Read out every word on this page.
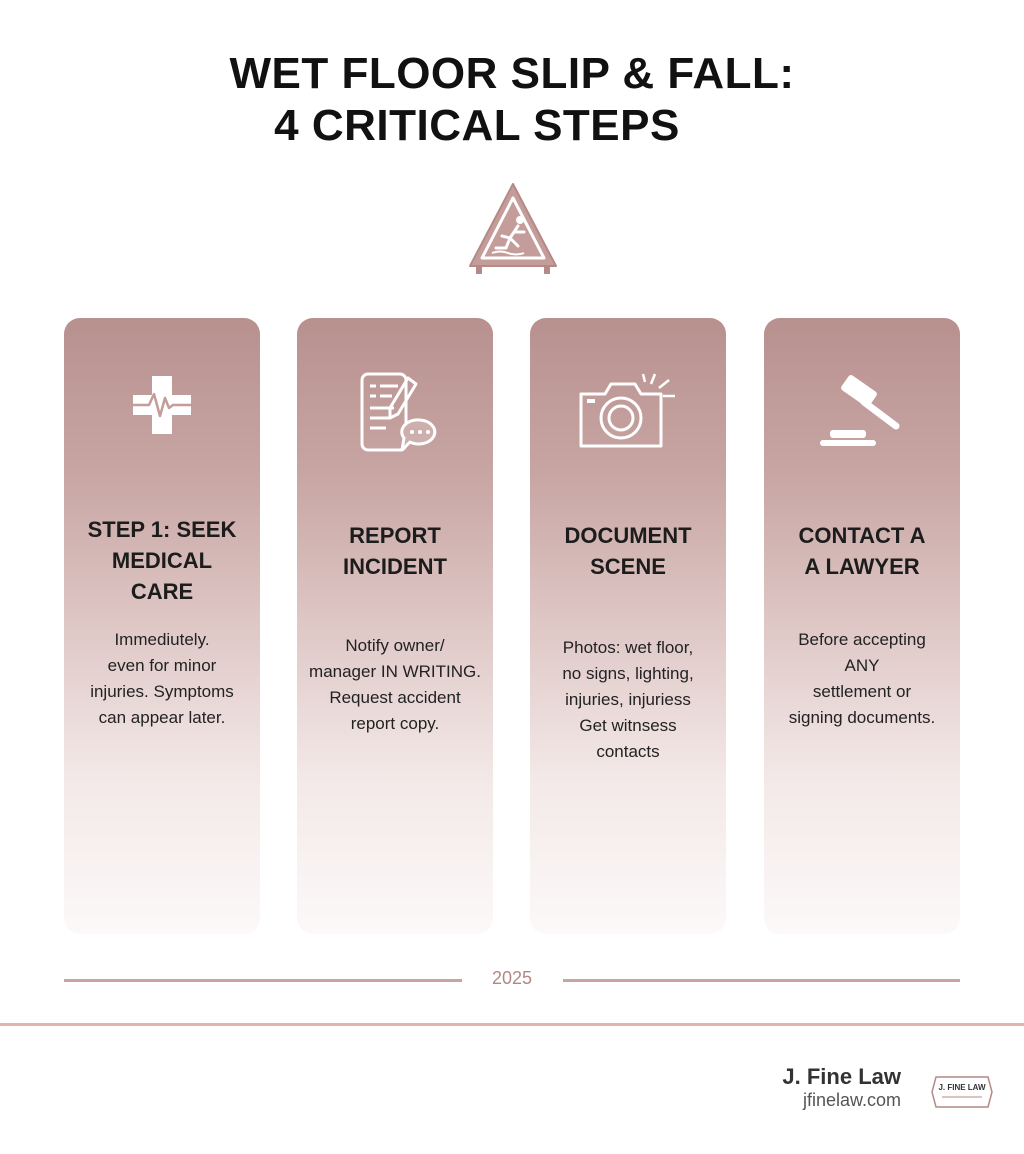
WET FLOOR SLIP & FALL:
4 CRITICAL STEPS
STEP 1: SEEK
MEDICAL
CARE
Immediutely.
even for minor
injuries. Symptoms
can appear later.
REPORT
INCIDENT
Notify owner/
manager IN WRITING.
Request accident
report copy.
DOCUMENT
SCENE
Photos: wet floor,
no signs, lighting,
injuries, injuriess
Get witnsess
contacts
CONTACT A
A LAWYER
Before accepting
ANY
settlement or
signing documents.
2025
J. Fine Law
jfinelaw.com
J. FINE LAW
